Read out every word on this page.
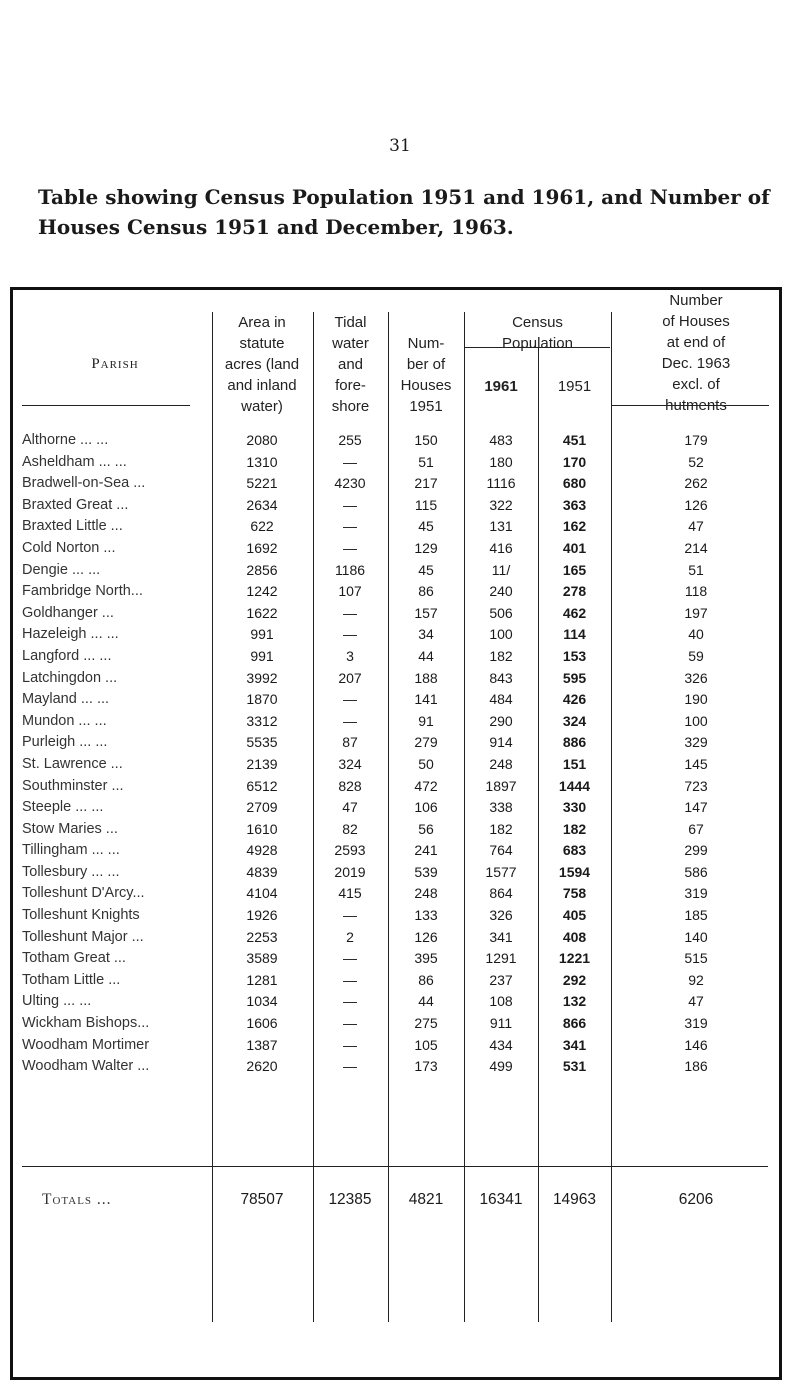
31
Table showing Census Population 1951 and 1961, and Number of Houses Census 1951 and December, 1963.
Parish
Area in
statute
acres (land
and inland
water)
Tidal
water
and
fore-
shore
Num-
ber of
Houses
1951
Census
Population
1961	1951
Number
of Houses
at end of
Dec. 1963
excl. of
hutments
Althorne ... ...	2080	255	150	483	451	179
Asheldham ... ...	1310	—	51	180	170	52
Bradwell-on-Sea ...	5221	4230	217	1116	680	262
Braxted Great ...	2634	—	115	322	363	126
Braxted Little ...	622	—	45	131	162	47
Cold Norton ...	1692	—	129	416	401	214
Dengie ... ...	2856	1186	45	11/	165	51
Fambridge North...	1242	107	86	240	278	118
Goldhanger ...	1622	—	157	506	462	197
Hazeleigh ... ...	991	—	34	100	114	40
Langford ... ...	991	3	44	182	153	59
Latchingdon ...	3992	207	188	843	595	326
Mayland ... ...	1870	—	141	484	426	190
Mundon ... ...	3312	—	91	290	324	100
Purleigh ... ...	5535	87	279	914	886	329
St. Lawrence ...	2139	324	50	248	151	145
Southminster ...	6512	828	472	1897	1444	723
Steeple ... ...	2709	47	106	338	330	147
Stow Maries ...	1610	82	56	182	182	67
Tillingham ... ...	4928	2593	241	764	683	299
Tollesbury ... ...	4839	2019	539	1577	1594	586
Tolleshunt D'Arcy...	4104	415	248	864	758	319
Tolleshunt Knights	1926	—	133	326	405	185
Tolleshunt Major ...	2253	2	126	341	408	140
Totham Great ...	3589	—	395	1291	1221	515
Totham Little ...	1281	—	86	237	292	92
Ulting ... ...	1034	—	44	108	132	47
Wickham Bishops...	1606	—	275	911	866	319
Woodham Mortimer	1387	—	105	434	341	146
Woodham Walter ...	2620	—	173	499	531	186
Totals ...	78507	12385	4821	16341	14963	6206
